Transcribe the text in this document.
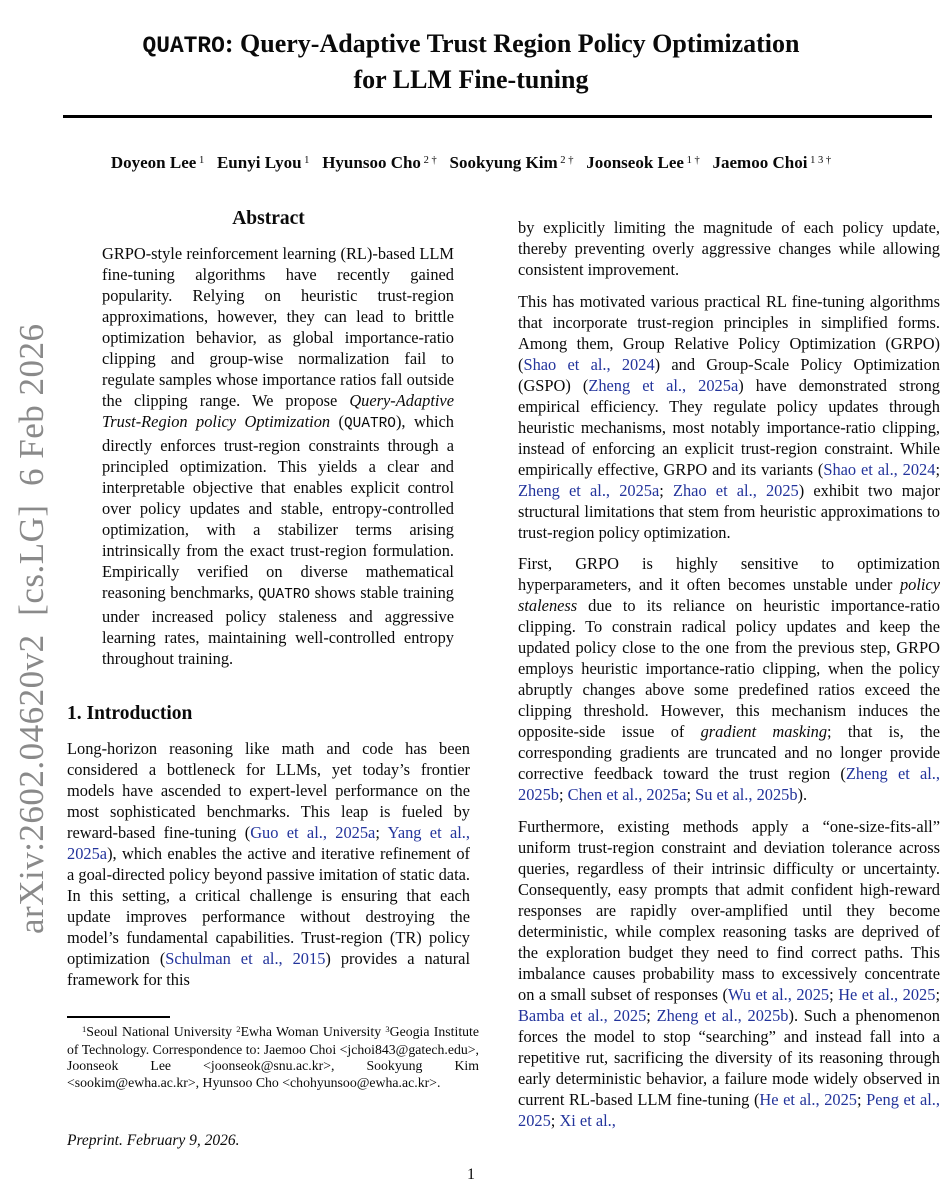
arXiv:2602.04620v2  [cs.LG]  6 Feb 2026
QUATRO: Query-Adaptive Trust Region Policy Optimization
for LLM Fine-tuning
Doyeon Lee $^1$ Eunyi Lyou $^1$ Hyunsoo Cho $^{2 \dagger}$ Sookyung Kim $^{2 \dagger}$ Joonseok Lee $^{1 \dagger}$ Jaemoo Choi $^{1 3 \dagger}$
Abstract
GRPO-style reinforcement learning (RL)-based LLM fine-tuning algorithms have recently gained popularity. Relying on heuristic trust-region approximations, however, they can lead to brittle optimization behavior, as global importance-ratio clipping and group-wise normalization fail to regulate samples whose importance ratios fall outside the clipping range. We propose Query-Adaptive Trust-Region policy Optimization (QUATRO), which directly enforces trust-region constraints through a principled optimization. This yields a clear and interpretable objective that enables explicit control over policy updates and stable, entropy-controlled optimization, with a stabilizer terms arising intrinsically from the exact trust-region formulation. Empirically verified on diverse mathematical reasoning benchmarks, QUATRO shows stable training under increased policy staleness and aggressive learning rates, maintaining well-controlled entropy throughout training.
1. Introduction
Long-horizon reasoning like math and code has been considered a bottleneck for LLMs, yet today’s frontier models have ascended to expert-level performance on the most sophisticated benchmarks. This leap is fueled by reward-based fine-tuning (Guo et al., 2025a; Yang et al., 2025a), which enables the active and iterative refinement of a goal-directed policy beyond passive imitation of static data. In this setting, a critical challenge is ensuring that each update improves performance without destroying the model’s fundamental capabilities. Trust-region (TR) policy optimization (Schulman et al., 2015) provides a natural framework for this

by explicitly limiting the magnitude of each policy update, thereby preventing overly aggressive changes while allowing consistent improvement.

This has motivated various practical RL fine-tuning algorithms that incorporate trust-region principles in simplified forms. Among them, Group Relative Policy Optimization (GRPO) (Shao et al., 2024) and Group-Scale Policy Optimization (GSPO) (Zheng et al., 2025a) have demonstrated strong empirical efficiency. They regulate policy updates through heuristic mechanisms, most notably importance-ratio clipping, instead of enforcing an explicit trust-region constraint. While empirically effective, GRPO and its variants (Shao et al., 2024; Zheng et al., 2025a; Zhao et al., 2025) exhibit two major structural limitations that stem from heuristic approximations to trust-region policy optimization.

First, GRPO is highly sensitive to optimization hyperparameters, and it often becomes unstable under policy staleness due to its reliance on heuristic importance-ratio clipping. To constrain radical policy updates and keep the updated policy close to the one from the previous step, GRPO employs heuristic importance-ratio clipping, when the policy abruptly changes above some predefined ratios exceed the clipping threshold. However, this mechanism induces the opposite-side issue of gradient masking; that is, the corresponding gradients are truncated and no longer provide corrective feedback toward the trust region (Zheng et al., 2025b; Chen et al., 2025a; Su et al., 2025b).

Furthermore, existing methods apply a “one-size-fits-all” uniform trust-region constraint and deviation tolerance across queries, regardless of their intrinsic difficulty or uncertainty. Consequently, easy prompts that admit confident high-reward responses are rapidly over-amplified until they become deterministic, while complex reasoning tasks are deprived of the exploration budget they need to find correct paths. This imbalance causes probability mass to excessively concentrate on a small subset of responses (Wu et al., 2025; He et al., 2025; Bamba et al., 2025; Zheng et al., 2025b). Such a phenomenon forces the model to stop “searching” and instead fall into a repetitive rut, sacrificing the diversity of its reasoning through early deterministic behavior, a failure mode widely observed in current RL-based LLM fine-tuning (He et al., 2025; Peng et al., 2025; Xi et al.,

$^1$Seoul National University $^2$Ewha Woman University $^3$Geogia Institute of Technology. Correspondence to: Jaemoo Choi <jchoi843@gatech.edu>, Joonseok Lee <joonseok@snu.ac.kr>, Sookyung Kim <sookim@ewha.ac.kr>, Hyunsoo Cho <chohyunsoo@ewha.ac.kr>.
Preprint. February 9, 2026.
1
